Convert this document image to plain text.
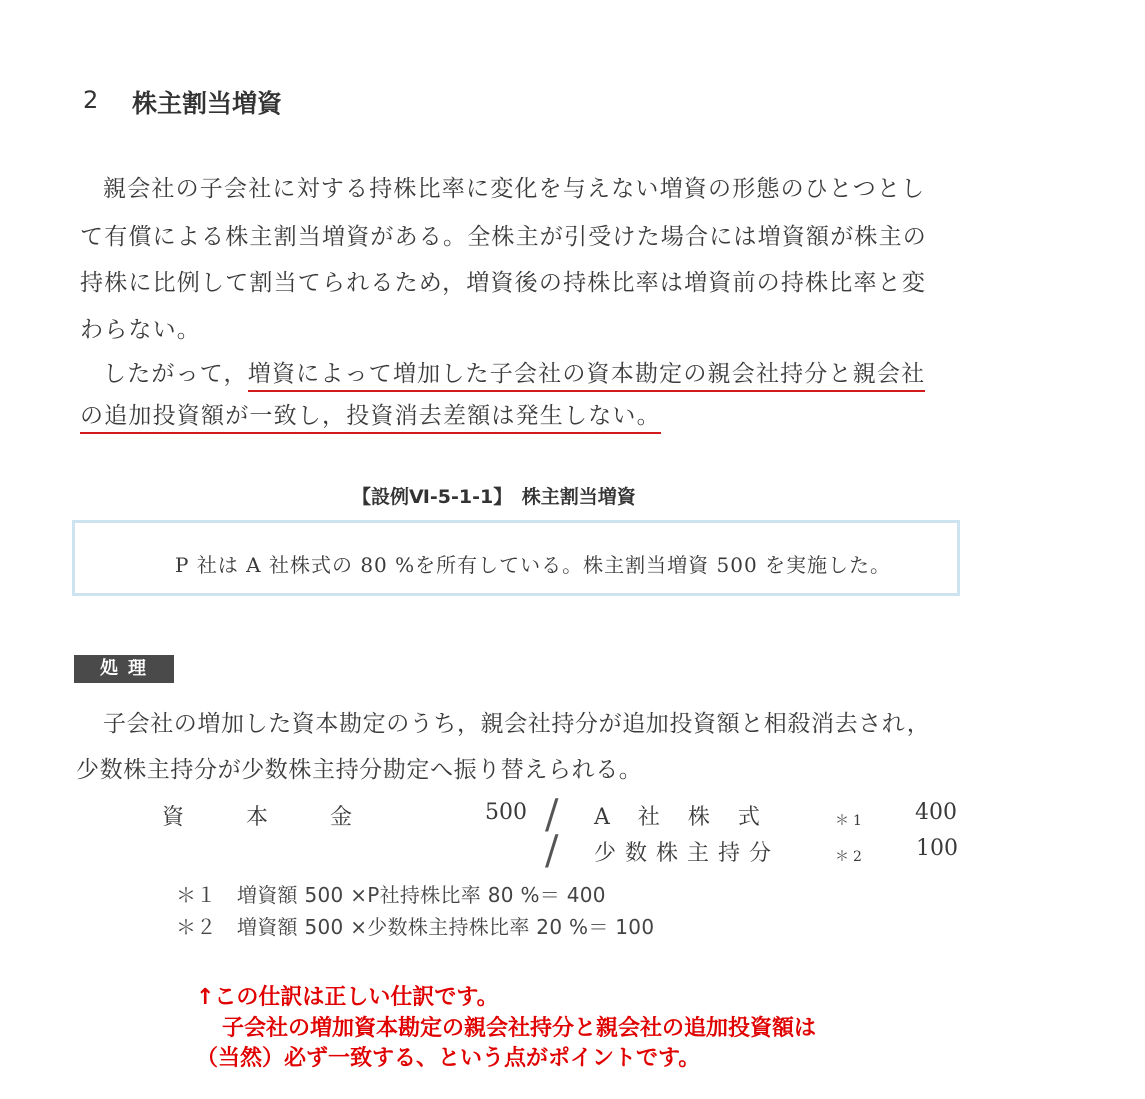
2 株主割当増資
親会社の子会社に対する持株比率に変化を与えない増資の形態のひとつとし
て有償による株主割当増資がある。全株主が引受けた場合には増資額が株主の
持株に比例して割当てられるため，増資後の持株比率は増資前の持株比率と変
わらない。
したがって，増資によって増加した子会社の資本勘定の親会社持分と親会社
の追加投資額が一致し，投資消去差額は発生しない。
【設例Ⅵ-5-1-1】　株主割当増資
P 社は A 社株式の 80 %を所有している。株主割当増資 500 を実施した。
処理
子会社の増加した資本勘定のうち，親会社持分が追加投資額と相殺消去され，
少数株主持分が少数株主持分勘定へ振り替えられる。
資本金	500 / A社株式	＊1 400
/ 少数株主持分	＊2 100
＊１　増資額 500 ×P社持株比率 80 %＝ 400
＊２　増資額 500 ×少数株主持株比率 20 %＝ 100
↑この仕訳は正しい仕訳です。
子会社の増加資本勘定の親会社持分と親会社の追加投資額は
（当然）必ず一致する、という点がポイントです。
